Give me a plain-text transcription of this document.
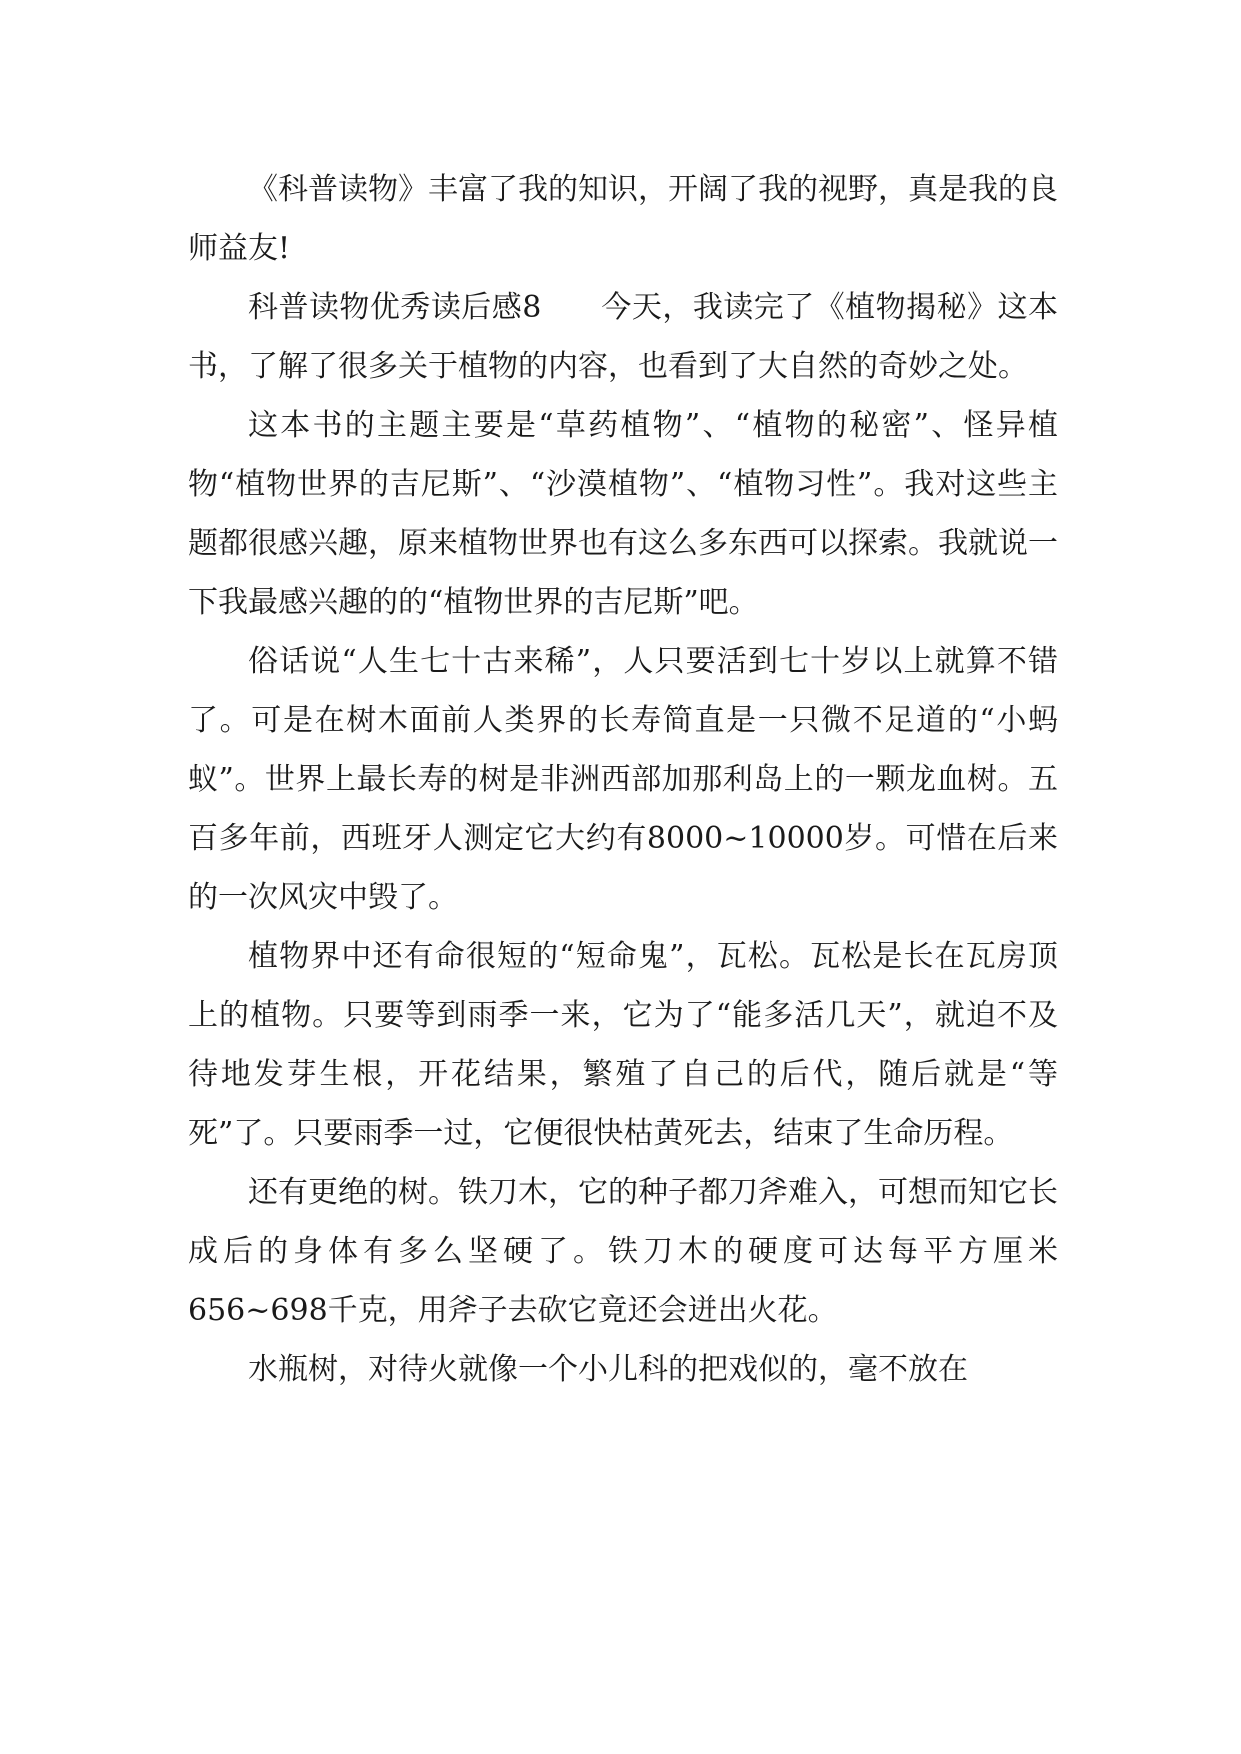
《科普读物》丰富了我的知识，开阔了我的视野，真是我的良师益友!

科普读物优秀读后感8 今天，我读完了《植物揭秘》这本书，了解了很多关于植物的内容，也看到了大自然的奇妙之处。

这本书的主题主要是“草药植物”、“植物的秘密”、怪异植物“植物世界的吉尼斯”、“沙漠植物”、“植物习性”。我对这些主题都很感兴趣，原来植物世界也有这么多东西可以探索。我就说一下我最感兴趣的的“植物世界的吉尼斯”吧。

俗话说“人生七十古来稀”，人只要活到七十岁以上就算不错了。可是在树木面前人类界的长寿简直是一只微不足道的“小蚂蚁”。世界上最长寿的树是非洲西部加那利岛上的一颗龙血树。五百多年前，西班牙人测定它大约有8000~10000岁。可惜在后来的一次风灾中毁了。

植物界中还有命很短的“短命鬼”，瓦松。瓦松是长在瓦房顶上的植物。只要等到雨季一来，它为了“能多活几天”，就迫不及待地发芽生根，开花结果，繁殖了自己的后代，随后就是“等死”了。只要雨季一过，它便很快枯黄死去，结束了生命历程。

还有更绝的树。铁刀木，它的种子都刀斧难入，可想而知它长成后的身体有多么坚硬了。铁刀木的硬度可达每平方厘米656~698千克，用斧子去砍它竟还会迸出火花。

水瓶树，对待火就像一个小儿科的把戏似的，毫不放在
